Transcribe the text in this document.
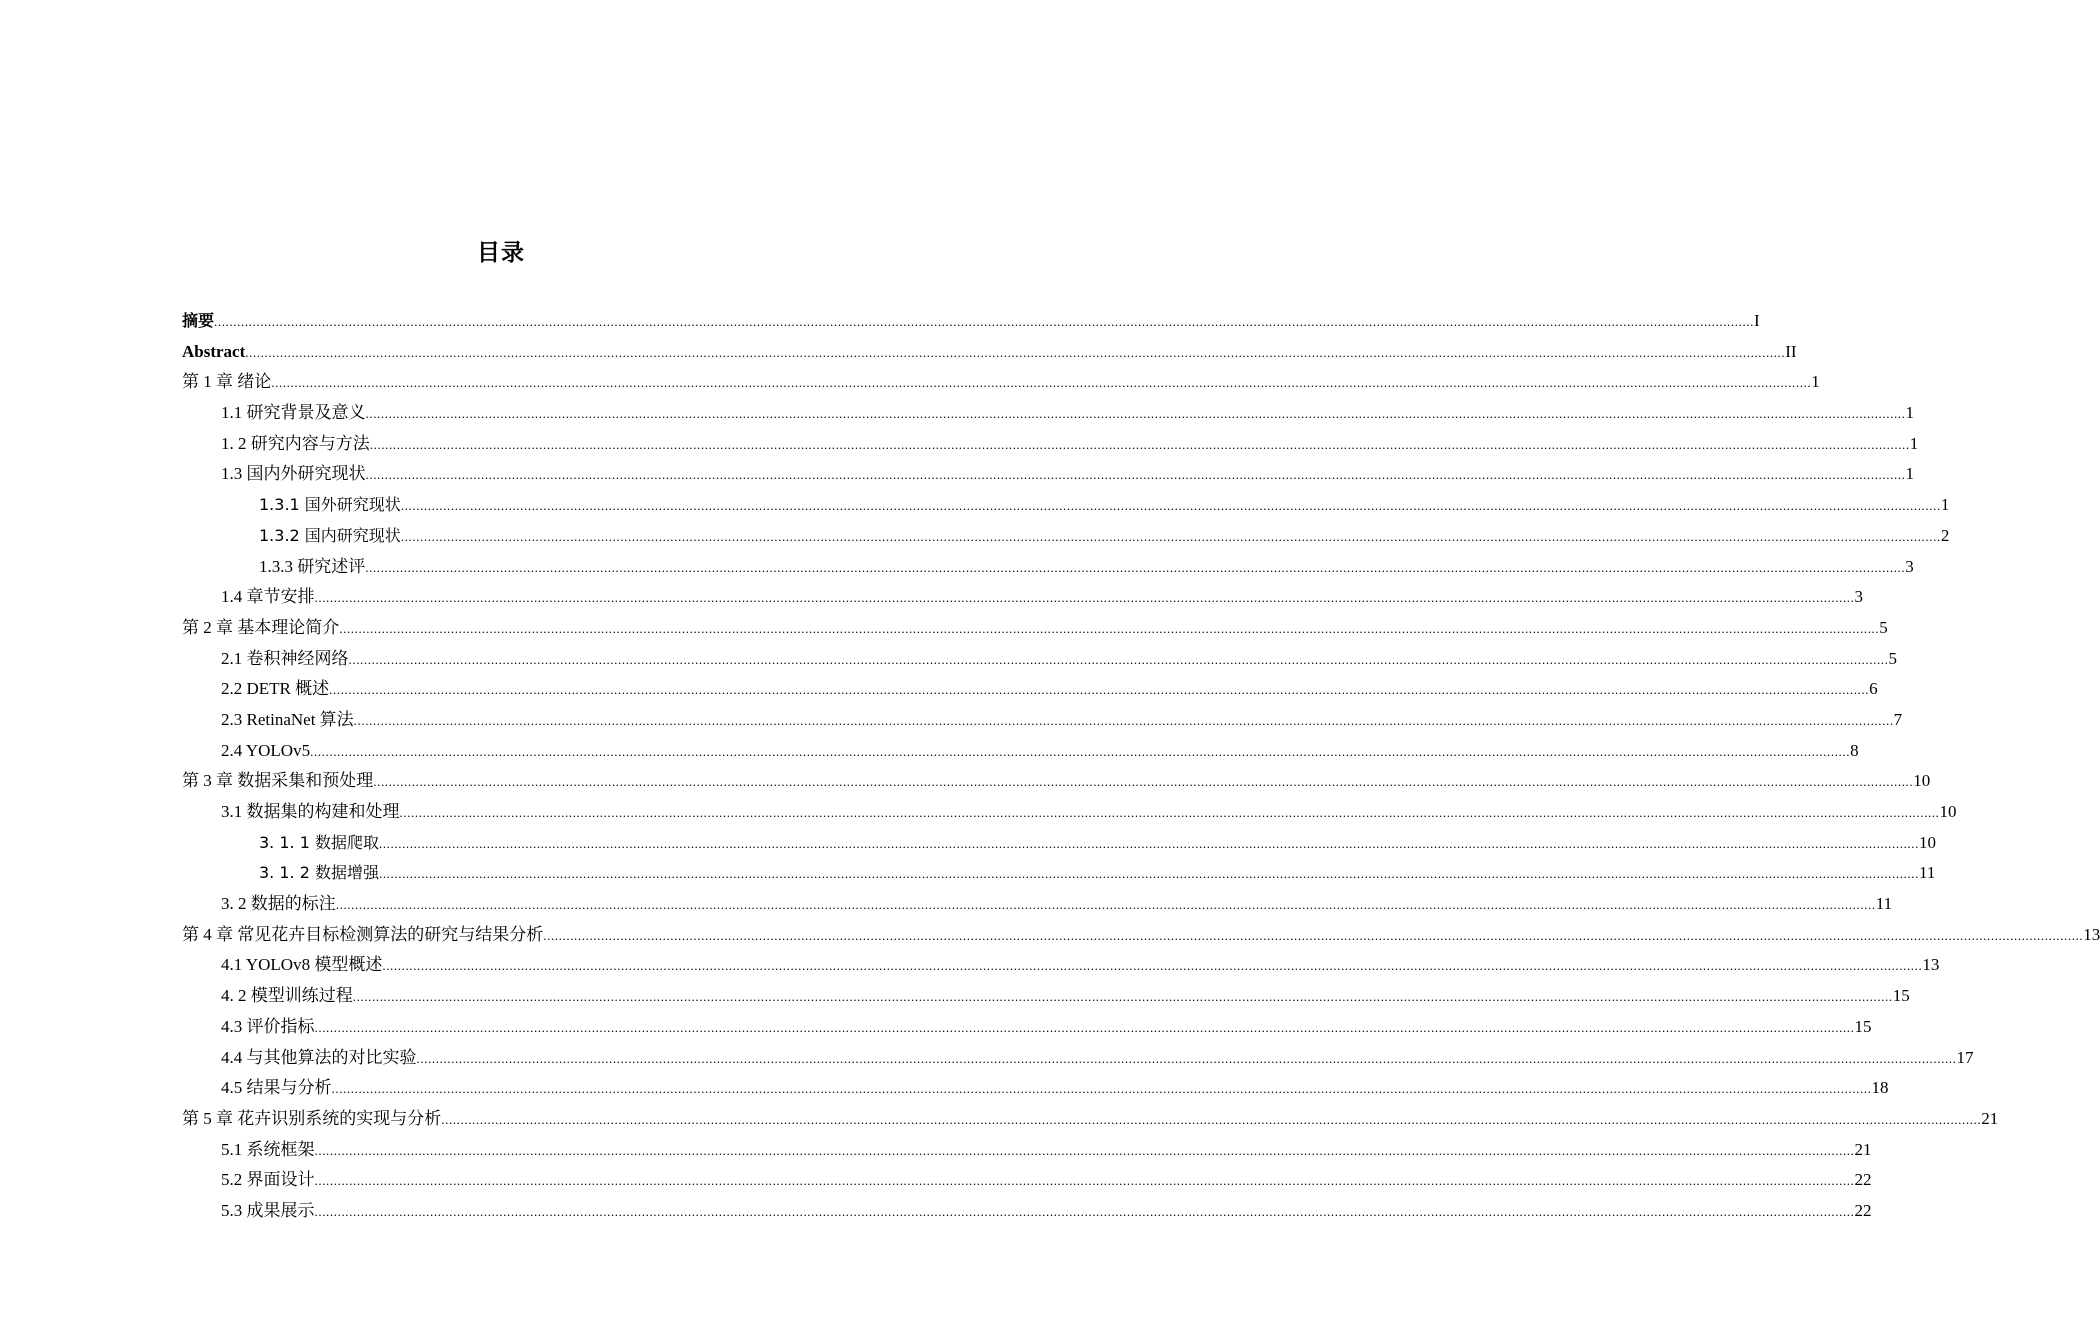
目录
摘要 ................................................................................................................................................................................................................................................................................................................................................................................................................ I
Abstract ................................................................................................................................................................................................................................................................................................................................................................................................................ II
第 1 章 绪论 ................................................................................................................................................................................................................................................................................................................................................................................................................ 1
1.1 研究背景及意义 ................................................................................................................................................................................................................................................................................................................................................................................................................ 1
1. 2 研究内容与方法 ................................................................................................................................................................................................................................................................................................................................................................................................................ 1
1.3 国内外研究现状 ................................................................................................................................................................................................................................................................................................................................................................................................................ 1
1.3.1 国外研究现状 ................................................................................................................................................................................................................................................................................................................................................................................................................ 1
1.3.2 国内研究现状 ................................................................................................................................................................................................................................................................................................................................................................................................................ 2
1.3.3 研究述评 ................................................................................................................................................................................................................................................................................................................................................................................................................ 3
1.4 章节安排 ................................................................................................................................................................................................................................................................................................................................................................................................................ 3
第 2 章 基本理论简介 ................................................................................................................................................................................................................................................................................................................................................................................................................ 5
2.1 卷积神经网络 ................................................................................................................................................................................................................................................................................................................................................................................................................ 5
2.2 DETR 概述 ................................................................................................................................................................................................................................................................................................................................................................................................................ 6
2.3 RetinaNet 算法 ................................................................................................................................................................................................................................................................................................................................................................................................................ 7
2.4 YOLOv5 ................................................................................................................................................................................................................................................................................................................................................................................................................ 8
第 3 章 数据采集和预处理 ................................................................................................................................................................................................................................................................................................................................................................................................................ 10
3.1 数据集的构建和处理 ................................................................................................................................................................................................................................................................................................................................................................................................................ 10
3. 1. 1 数据爬取 ................................................................................................................................................................................................................................................................................................................................................................................................................ 10
3. 1. 2 数据增强 ................................................................................................................................................................................................................................................................................................................................................................................................................ 11
3. 2 数据的标注 ................................................................................................................................................................................................................................................................................................................................................................................................................ 11
第 4 章 常见花卉目标检测算法的研究与结果分析 ................................................................................................................................................................................................................................................................................................................................................................................................................ 13
4.1 YOLOv8 模型概述 ................................................................................................................................................................................................................................................................................................................................................................................................................ 13
4. 2 模型训练过程 ................................................................................................................................................................................................................................................................................................................................................................................................................ 15
4.3 评价指标 ................................................................................................................................................................................................................................................................................................................................................................................................................ 15
4.4 与其他算法的对比实验 ................................................................................................................................................................................................................................................................................................................................................................................................................ 17
4.5 结果与分析 ................................................................................................................................................................................................................................................................................................................................................................................................................ 18
第 5 章 花卉识别系统的实现与分析 ................................................................................................................................................................................................................................................................................................................................................................................................................ 21
5.1 系统框架 ................................................................................................................................................................................................................................................................................................................................................................................................................ 21
5.2 界面设计 ................................................................................................................................................................................................................................................................................................................................................................................................................ 22
5.3 成果展示 ................................................................................................................................................................................................................................................................................................................................................................................................................ 22
